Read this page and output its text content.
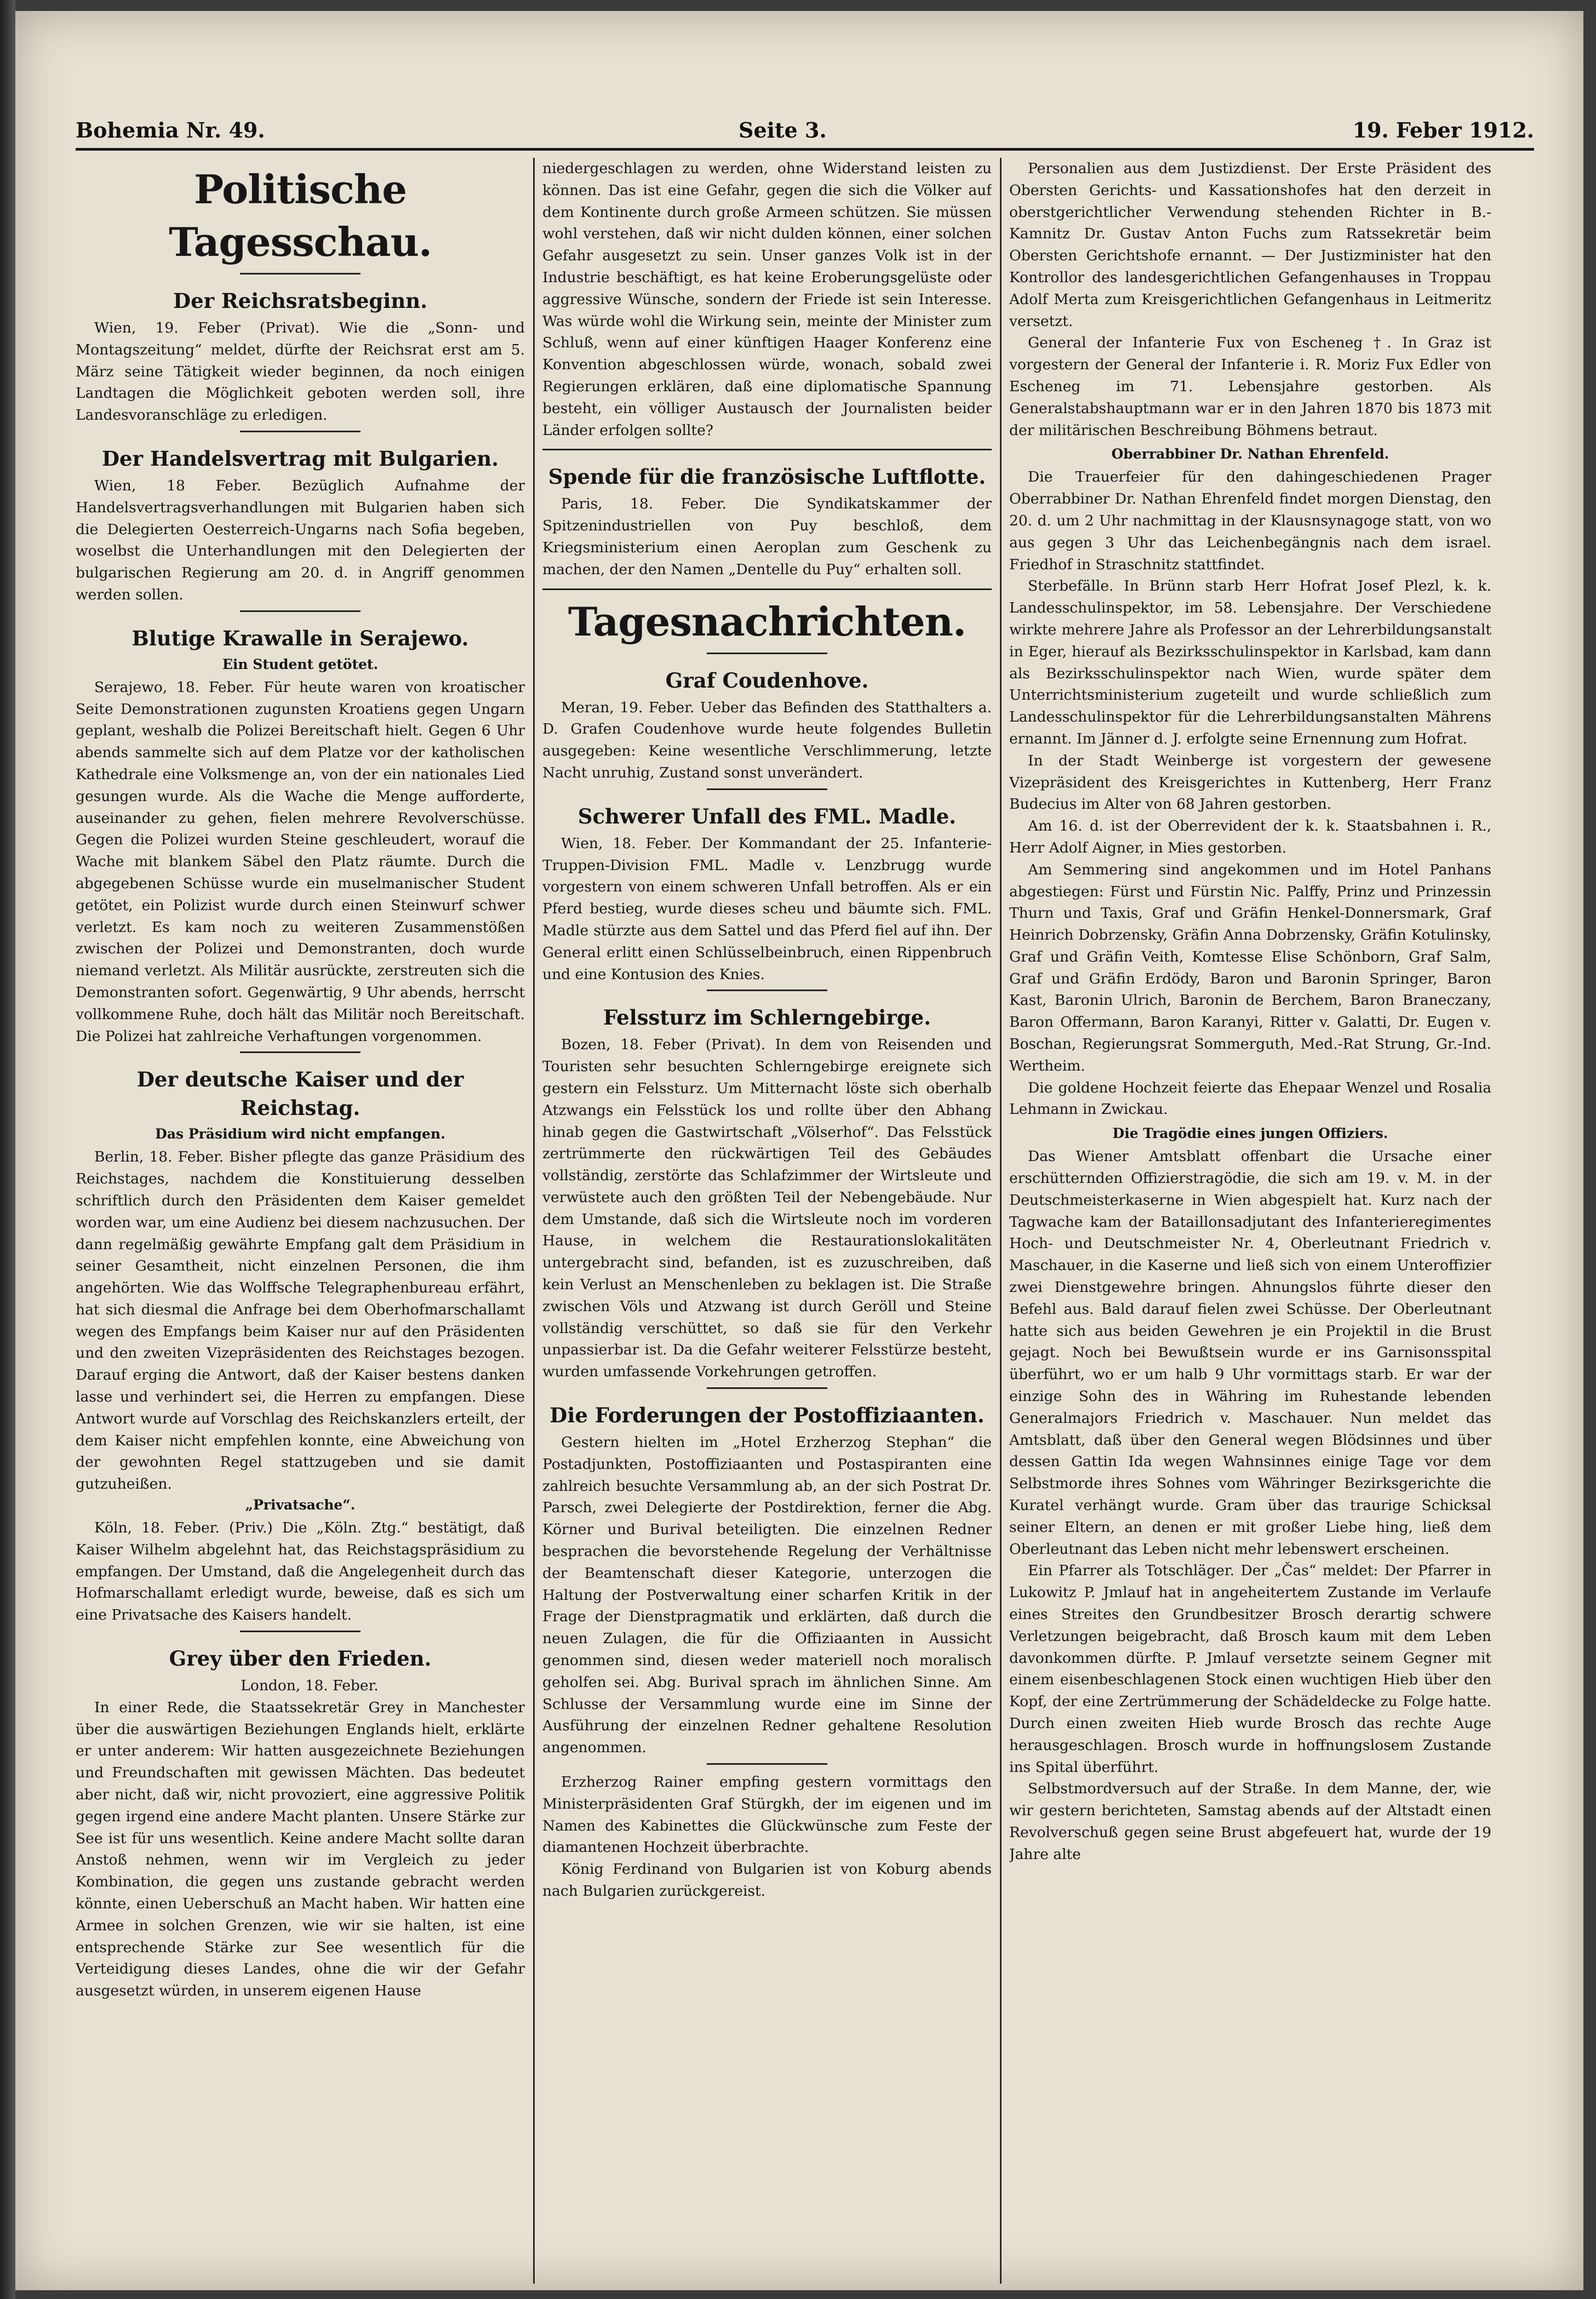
Bohemia Nr. 49.	Seite 3.	19. Feber 1912.
Politische Tagesschau.
Der Reichsratsbeginn.

Wien, 19. Feber (Privat). Wie die „Sonn- und Montagszeitung“ meldet, dürfte der Reichsrat erst am 5. März seine Tätigkeit wieder beginnen, da noch einigen Landtagen die Möglichkeit geboten werden soll, ihre Landesvoranschläge zu erledigen.

Der Handelsvertrag mit Bulgarien.

Wien, 18 Feber. Bezüglich Aufnahme der Handelsvertragsverhandlungen mit Bulgarien haben sich die Delegierten Oesterreich-Ungarns nach Sofia begeben, woselbst die Unterhandlungen mit den Delegierten der bulgarischen Regierung am 20. d. in Angriff genommen werden sollen.

Blutige Krawalle in Serajewo.
Ein Student getötet.

Serajewo, 18. Feber. Für heute waren von kroatischer Seite Demonstrationen zugunsten Kroatiens gegen Ungarn geplant, weshalb die Polizei Bereitschaft hielt. Gegen 6 Uhr abends sammelte sich auf dem Platze vor der katholischen Kathedrale eine Volksmenge an, von der ein nationales Lied gesungen wurde. Als die Wache die Menge aufforderte, auseinander zu gehen, fielen mehrere Revolverschüsse. Gegen die Polizei wurden Steine geschleudert, worauf die Wache mit blankem Säbel den Platz räumte. Durch die abgegebenen Schüsse wurde ein muselmanischer Student getötet, ein Polizist wurde durch einen Steinwurf schwer verletzt. Es kam noch zu weiteren Zusammenstößen zwischen der Polizei und Demonstranten, doch wurde niemand verletzt. Als Militär ausrückte, zerstreuten sich die Demonstranten sofort. Gegenwärtig, 9 Uhr abends, herrscht vollkommene Ruhe, doch hält das Militär noch Bereitschaft. Die Polizei hat zahlreiche Verhaftungen vorgenommen.

Der deutsche Kaiser und der Reichstag.
Das Präsidium wird nicht empfangen.

Berlin, 18. Feber. Bisher pflegte das ganze Präsidium des Reichstages, nachdem die Konstituierung desselben schriftlich durch den Präsidenten dem Kaiser gemeldet worden war, um eine Audienz bei diesem nachzusuchen. Der dann regelmäßig gewährte Empfang galt dem Präsidium in seiner Gesamtheit, nicht einzelnen Personen, die ihm angehörten. Wie das Wolffsche Telegraphenbureau erfährt, hat sich diesmal die Anfrage bei dem Oberhofmarschallamt wegen des Empfangs beim Kaiser nur auf den Präsidenten und den zweiten Vizepräsidenten des Reichstages bezogen. Darauf erging die Antwort, daß der Kaiser bestens danken lasse und verhindert sei, die Herren zu empfangen. Diese Antwort wurde auf Vorschlag des Reichskanzlers erteilt, der dem Kaiser nicht empfehlen konnte, eine Abweichung von der gewohnten Regel stattzugeben und sie damit gutzuheißen.

„Privatsache“.

Köln, 18. Feber. (Priv.) Die „Köln. Ztg.“ bestätigt, daß Kaiser Wilhelm abgelehnt hat, das Reichstagspräsidium zu empfangen. Der Umstand, daß die Angelegenheit durch das Hofmarschallamt erledigt wurde, beweise, daß es sich um eine Privatsache des Kaisers handelt.

Grey über den Frieden.

London, 18. Feber.

In einer Rede, die Staatssekretär Grey in Manchester über die auswärtigen Beziehungen Englands hielt, erklärte er unter anderem: Wir hatten ausgezeichnete Beziehungen und Freundschaften mit gewissen Mächten. Das bedeutet aber nicht, daß wir, nicht provoziert, eine aggressive Politik gegen irgend eine andere Macht planten. Unsere Stärke zur See ist für uns wesentlich. Keine andere Macht sollte daran Anstoß nehmen, wenn wir im Vergleich zu jeder Kombination, die gegen uns zustande gebracht werden könnte, einen Ueberschuß an Macht haben. Wir hatten eine Armee in solchen Grenzen, wie wir sie halten, ist eine entsprechende Stärke zur See wesentlich für die Verteidigung dieses Landes, ohne die wir der Gefahr ausgesetzt würden, in unserem eigenen Hause

niedergeschlagen zu werden, ohne Widerstand leisten zu können. Das ist eine Gefahr, gegen die sich die Völker auf dem Kontinente durch große Armeen schützen. Sie müssen wohl verstehen, daß wir nicht dulden können, einer solchen Gefahr ausgesetzt zu sein. Unser ganzes Volk ist in der Industrie beschäftigt, es hat keine Eroberungsgelüste oder aggressive Wünsche, sondern der Friede ist sein Interesse. Was würde wohl die Wirkung sein, meinte der Minister zum Schluß, wenn auf einer künftigen Haager Konferenz eine Konvention abgeschlossen würde, wonach, sobald zwei Regierungen erklären, daß eine diplomatische Spannung besteht, ein völliger Austausch der Journalisten beider Länder erfolgen sollte?

Spende für die französische Luftflotte.

Paris, 18. Feber. Die Syndikatskammer der Spitzenindustriellen von Puy beschloß, dem Kriegsministerium einen Aeroplan zum Geschenk zu machen, der den Namen „Dentelle du Puy“ erhalten soll.

Tagesnachrichten.
Graf Coudenhove.

Meran, 19. Feber. Ueber das Befinden des Statthalters a. D. Grafen Coudenhove wurde heute folgendes Bulletin ausgegeben: Keine wesentliche Verschlimmerung, letzte Nacht unruhig, Zustand sonst unverändert.

Schwerer Unfall des FML. Madle.

Wien, 18. Feber. Der Kommandant der 25. Infanterie-Truppen-Division FML. Madle v. Lenzbrugg wurde vorgestern von einem schweren Unfall betroffen. Als er ein Pferd bestieg, wurde dieses scheu und bäumte sich. FML. Madle stürzte aus dem Sattel und das Pferd fiel auf ihn. Der General erlitt einen Schlüsselbeinbruch, einen Rippenbruch und eine Kontusion des Knies.

Felssturz im Schlerngebirge.

Bozen, 18. Feber (Privat). In dem von Reisenden und Touristen sehr besuchten Schlerngebirge ereignete sich gestern ein Felssturz. Um Mitternacht löste sich oberhalb Atzwangs ein Felsstück los und rollte über den Abhang hinab gegen die Gastwirtschaft „Völserhof“. Das Felsstück zertrümmerte den rückwärtigen Teil des Gebäudes vollständig, zerstörte das Schlafzimmer der Wirtsleute und verwüstete auch den größten Teil der Nebengebäude. Nur dem Umstande, daß sich die Wirtsleute noch im vorderen Hause, in welchem die Restaurationslokalitäten untergebracht sind, befanden, ist es zuzuschreiben, daß kein Verlust an Menschenleben zu beklagen ist. Die Straße zwischen Völs und Atzwang ist durch Geröll und Steine vollständig verschüttet, so daß sie für den Verkehr unpassierbar ist. Da die Gefahr weiterer Felsstürze besteht, wurden umfassende Vorkehrungen getroffen.

Die Forderungen der Postoffiziaanten.

Gestern hielten im „Hotel Erzherzog Stephan“ die Postadjunkten, Postoffiziaanten und Postaspiranten eine zahlreich besuchte Versammlung ab, an der sich Postrat Dr. Parsch, zwei Delegierte der Postdirektion, ferner die Abg. Körner und Burival beteiligten. Die einzelnen Redner besprachen die bevorstehende Regelung der Verhältnisse der Beamtenschaft dieser Kategorie, unterzogen die Haltung der Postverwaltung einer scharfen Kritik in der Frage der Dienstpragmatik und erklärten, daß durch die neuen Zulagen, die für die Offiziaanten in Aussicht genommen sind, diesen weder materiell noch moralisch geholfen sei. Abg. Burival sprach im ähnlichen Sinne. Am Schlusse der Versammlung wurde eine im Sinne der Ausführung der einzelnen Redner gehaltene Resolution angenommen.

Erzherzog Rainer empfing gestern vormittags den Ministerpräsidenten Graf Stürgkh, der im eigenen und im Namen des Kabinettes die Glückwünsche zum Feste der diamantenen Hochzeit überbrachte.

König Ferdinand von Bulgarien ist von Koburg abends nach Bulgarien zurückgereist.

Personalien aus dem Justizdienst. Der Erste Präsident des Obersten Gerichts- und Kassationshofes hat den derzeit in oberstgerichtlicher Verwendung stehenden Richter in B.-Kamnitz Dr. Gustav Anton Fuchs zum Ratssekretär beim Obersten Gerichtshofe ernannt. — Der Justizminister hat den Kontrollor des landesgerichtlichen Gefangenhauses in Troppau Adolf Merta zum Kreisgerichtlichen Gefangenhaus in Leitmeritz versetzt.

General der Infanterie Fux von Escheneg †. In Graz ist vorgestern der General der Infanterie i. R. Moriz Fux Edler von Escheneg im 71. Lebensjahre gestorben. Als Generalstabshauptmann war er in den Jahren 1870 bis 1873 mit der militärischen Beschreibung Böhmens betraut.

Oberrabbiner Dr. Nathan Ehrenfeld.

Die Trauerfeier für den dahingeschiedenen Prager Oberrabbiner Dr. Nathan Ehrenfeld findet morgen Dienstag, den 20. d. um 2 Uhr nachmittag in der Klausnsynagoge statt, von wo aus gegen 3 Uhr das Leichenbegängnis nach dem israel. Friedhof in Straschnitz stattfindet.

Sterbefälle. In Brünn starb Herr Hofrat Josef Plezl, k. k. Landesschulinspektor, im 58. Lebensjahre. Der Verschiedene wirkte mehrere Jahre als Professor an der Lehrerbildungsanstalt in Eger, hierauf als Bezirksschulinspektor in Karlsbad, kam dann als Bezirksschulinspektor nach Wien, wurde später dem Unterrichtsministerium zugeteilt und wurde schließlich zum Landesschulinspektor für die Lehrerbildungsanstalten Mährens ernannt. Im Jänner d. J. erfolgte seine Ernennung zum Hofrat.

In der Stadt Weinberge ist vorgestern der gewesene Vizepräsident des Kreisgerichtes in Kuttenberg, Herr Franz Budecius im Alter von 68 Jahren gestorben.

Am 16. d. ist der Oberrevident der k. k. Staatsbahnen i. R., Herr Adolf Aigner, in Mies gestorben.

Am Semmering sind angekommen und im Hotel Panhans abgestiegen: Fürst und Fürstin Nic. Palffy, Prinz und Prinzessin Thurn und Taxis, Graf und Gräfin Henkel-Donnersmark, Graf Heinrich Dobrzensky, Gräfin Anna Dobrzensky, Gräfin Kotulinsky, Graf und Gräfin Veith, Komtesse Elise Schönborn, Graf Salm, Graf und Gräfin Erdödy, Baron und Baronin Springer, Baron Kast, Baronin Ulrich, Baronin de Berchem, Baron Braneczany, Baron Offermann, Baron Karanyi, Ritter v. Galatti, Dr. Eugen v. Boschan, Regierungsrat Sommerguth, Med.-Rat Strung, Gr.-Ind. Wertheim.

Die goldene Hochzeit feierte das Ehepaar Wenzel und Rosalia Lehmann in Zwickau.

Die Tragödie eines jungen Offiziers.

Das Wiener Amtsblatt offenbart die Ursache einer erschütternden Offizierstragödie, die sich am 19. v. M. in der Deutschmeisterkaserne in Wien abgespielt hat. Kurz nach der Tagwache kam der Bataillonsadjutant des Infanterieregimentes Hoch- und Deutschmeister Nr. 4, Oberleutnant Friedrich v. Maschauer, in die Kaserne und ließ sich von einem Unteroffizier zwei Dienstgewehre bringen. Ahnungslos führte dieser den Befehl aus. Bald darauf fielen zwei Schüsse. Der Oberleutnant hatte sich aus beiden Gewehren je ein Projektil in die Brust gejagt. Noch bei Bewußtsein wurde er ins Garnisonsspital überführt, wo er um halb 9 Uhr vormittags starb. Er war der einzige Sohn des in Währing im Ruhestande lebenden Generalmajors Friedrich v. Maschauer. Nun meldet das Amtsblatt, daß über den General wegen Blödsinnes und über dessen Gattin Ida wegen Wahnsinnes einige Tage vor dem Selbstmorde ihres Sohnes vom Währinger Bezirksgerichte die Kuratel verhängt wurde. Gram über das traurige Schicksal seiner Eltern, an denen er mit großer Liebe hing, ließ dem Oberleutnant das Leben nicht mehr lebenswert erscheinen.

Ein Pfarrer als Totschläger. Der „Čas“ meldet: Der Pfarrer in Lukowitz P. Jmlauf hat in angeheitertem Zustande im Verlaufe eines Streites den Grundbesitzer Brosch derartig schwere Verletzungen beigebracht, daß Brosch kaum mit dem Leben davonkommen dürfte. P. Jmlauf versetzte seinem Gegner mit einem eisenbeschlagenen Stock einen wuchtigen Hieb über den Kopf, der eine Zertrümmerung der Schädeldecke zu Folge hatte. Durch einen zweiten Hieb wurde Brosch das rechte Auge herausgeschlagen. Brosch wurde in hoffnungslosem Zustande ins Spital überführt.

Selbstmordversuch auf der Straße. In dem Manne, der, wie wir gestern berichteten, Samstag abends auf der Altstadt einen Revolverschuß gegen seine Brust abgefeuert hat, wurde der 19 Jahre alte
